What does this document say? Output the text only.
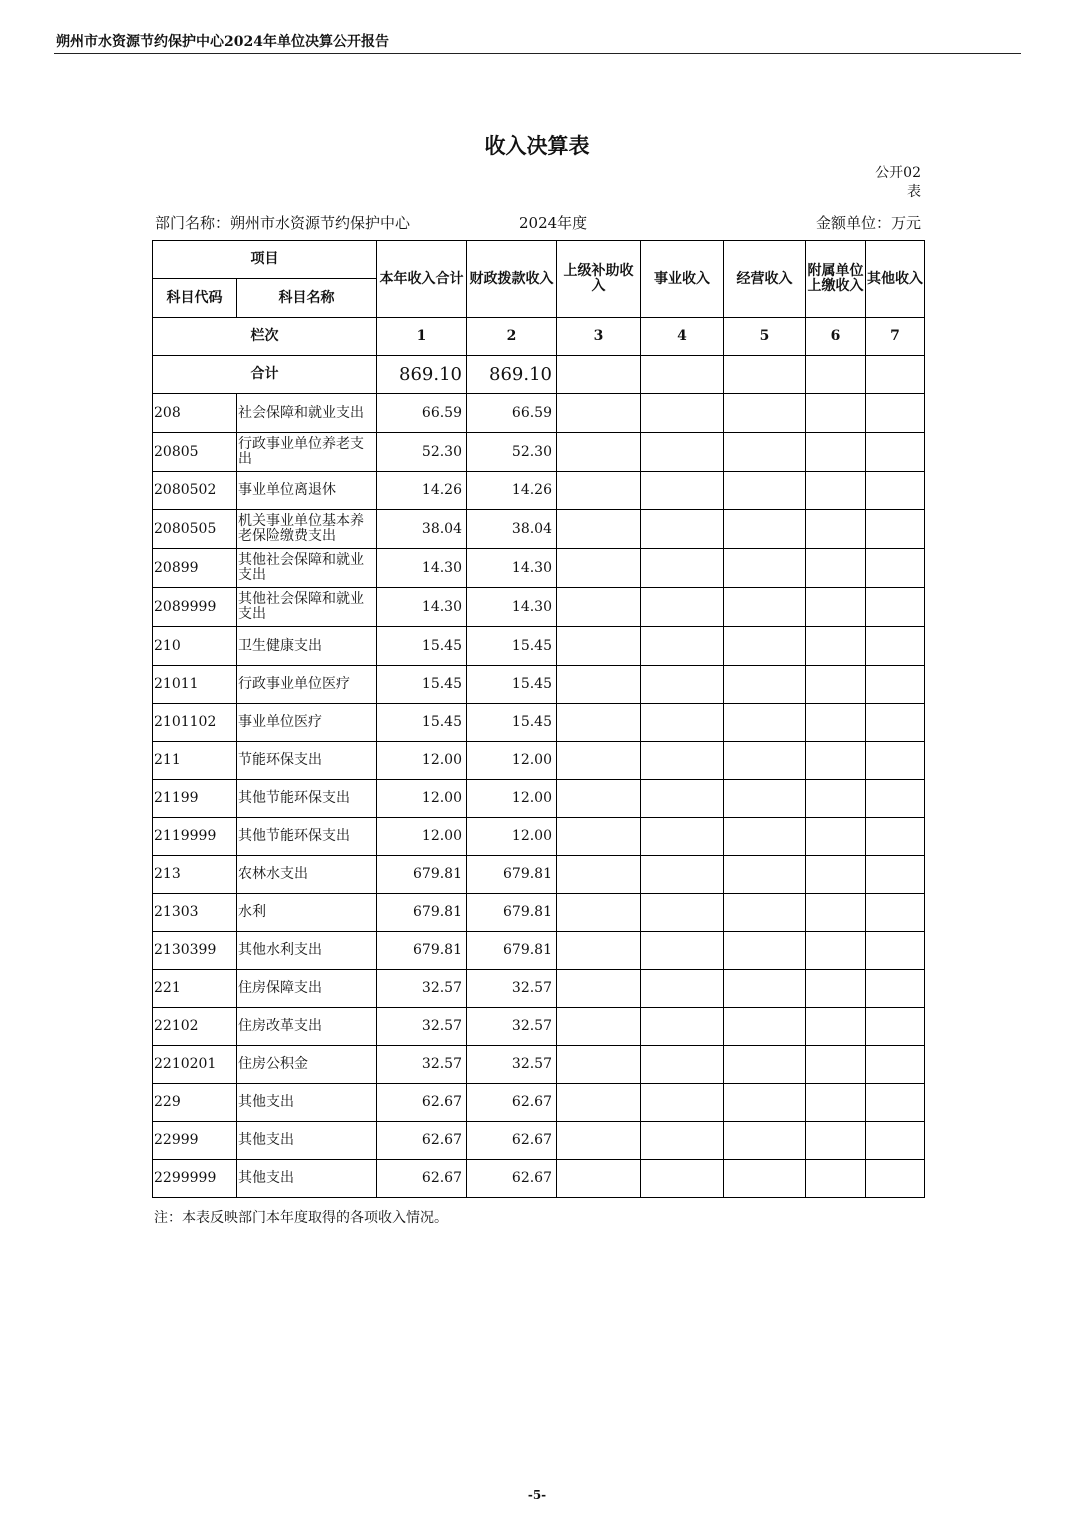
朔州市水资源节约保护中心2024年单位决算公开报告
收入决算表
公开02
表
部门名称：朔州市水资源节约保护中心	2024年度	金额单位：万元
项目		本年收入合计	财政拨款收入	上级补助收入	事业收入	经营收入	附属单位上缴收入	其他收入
科目代码	科目名称							
栏次		1	2	3	4	5	6	7
合计		869.10	869.10					
208	社会保障和就业支出	66.59	66.59					
20805	行政事业单位养老支出	52.30	52.30					
2080502	事业单位离退休	14.26	14.26					
2080505	机关事业单位基本养老保险缴费支出	38.04	38.04					
20899	其他社会保障和就业支出	14.30	14.30					
2089999	其他社会保障和就业支出	14.30	14.30					
210	卫生健康支出	15.45	15.45					
21011	行政事业单位医疗	15.45	15.45					
2101102	事业单位医疗	15.45	15.45					
211	节能环保支出	12.00	12.00					
21199	其他节能环保支出	12.00	12.00					
2119999	其他节能环保支出	12.00	12.00					
213	农林水支出	679.81	679.81					
21303	水利	679.81	679.81					
2130399	其他水利支出	679.81	679.81					
221	住房保障支出	32.57	32.57					
22102	住房改革支出	32.57	32.57					
2210201	住房公积金	32.57	32.57					
229	其他支出	62.67	62.67					
22999	其他支出	62.67	62.67					
2299999	其他支出	62.67	62.67					
注：本表反映部门本年度取得的各项收入情况。
-5-
